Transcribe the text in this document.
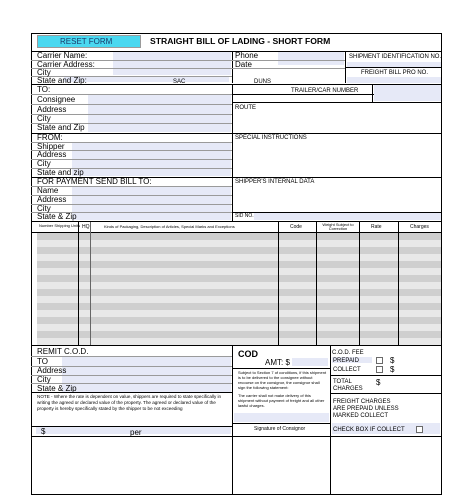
RESET FORM	STRAIGHT BILL OF LADING - SHORT FORM
Carrier Name:
Carrier Address:
City
State and Zip:	SAC	DUNS
Phone
Date
SHIPMENT IDENTIFICATION NO.
FREIGHT BILL PRO NO.
TO:
Consignee
Address
City
State and Zip
TRAILER/CAR NUMBER
ROUTE
FROM:
Shipper
Address
City
State and zip
SPECIAL INSTRUCTIONS
FOR PAYMENT SEND BILL TO:
Name
Address
City
State & Zip
SHIPPER'S INTERNAL DATA
SID NO.
Number Shipping Units HQ	Kinds of Packaging, Description of Articles, Special Marks and Exceptions	Code	Weight Subject to Correction	Rate	Charges
REMIT C.O.D.
TO
Address
City
State & Zip
NOTE - Where the rate is dependent on value, shippers are required to state specifically in writing the agreed or declared value of the property. The agreed or declared value of the property is hereby specifically stated by the shipper to be not exceeding
$	per
COD
AMT: $
Subject to Section 7 of conditions, if this shipment is to be delivered to the consignee without recourse on the consignor, the consignor shall sign the following statement:
The carrier shall not make delivery of this shipment without payment of freight and all other lawful charges.
Signature of Consignor
C.O.D. FEE
PREPAID	$
COLLECT	$
TOTAL
CHARGES
$
FREIGHT CHARGES
ARE PREPAID UNLESS
MARKED COLLECT
CHECK BOX IF COLLECT
